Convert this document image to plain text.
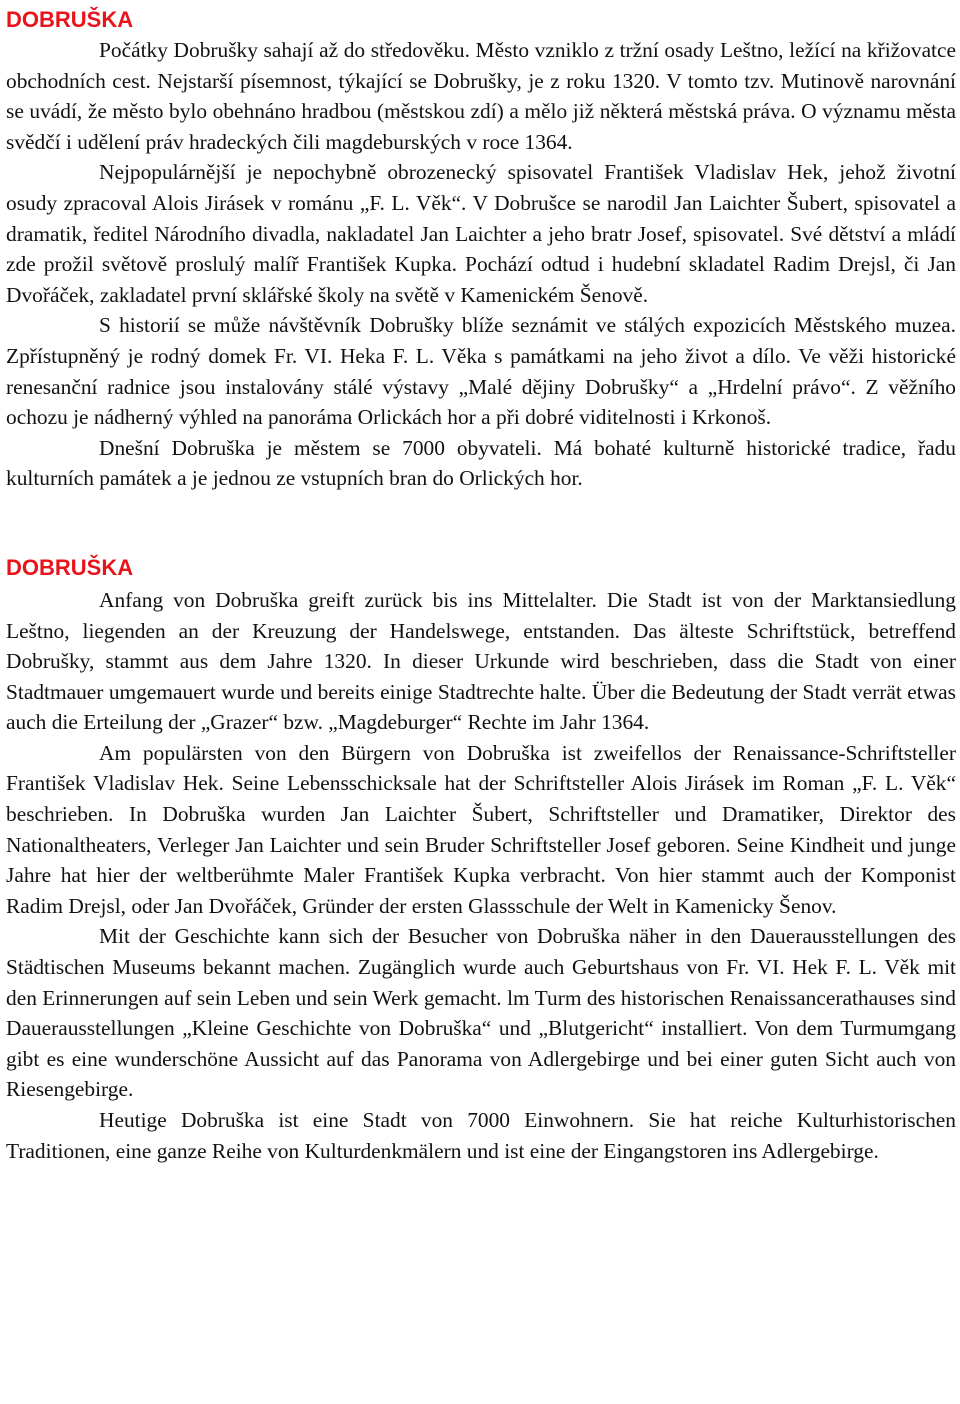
DOBRUŠKA

Počátky Dobrušky sahají až do středověku. Město vzniklo z tržní osady Leštno, ležící na křižovatce obchodních cest. Nejstarší písemnost, týkající se Dobrušky, je z roku 1320. V tomto tzv. Mutinově narovnání se uvádí, že město bylo obehnáno hradbou (městskou zdí) a mělo již některá městská práva. O významu města svědčí i udělení práv hradeckých čili magdeburských v roce 1364.

Nejpopulárnější je nepochybně obrozenecký spisovatel František Vladislav Hek, jehož životní osudy zpracoval Alois Jirásek v románu „F. L. Věk“. V Dobrušce se narodil Jan Laichter Šubert, spisovatel a dramatik, ředitel Národního divadla, nakladatel Jan Laichter a jeho bratr Josef, spisovatel. Své dětství a mládí zde prožil světově proslulý malíř František Kupka. Pochází odtud i hudební skladatel Radim Drejsl, či Jan Dvořáček, zakladatel první sklářské školy na světě v Kamenickém Šenově.

S historií se může návštěvník Dobrušky blíže seznámit ve stálých expozicích Městského muzea. Zpřístupněný je rodný domek Fr. VI. Heka F. L. Věka s památkami na jeho život a dílo. Ve věži historické renesanční radnice jsou instalovány stálé výstavy „Malé dějiny Dobrušky“ a „Hrdelní právo“. Z věžního ochozu je nádherný výhled na panoráma Orlickách hor a při dobré viditelnosti i Krkonoš.

Dnešní Dobruška je městem se 7000 obyvateli. Má bohaté kulturně historické tradice, řadu kulturních památek a je jednou ze vstupních bran do Orlických hor.

DOBRUŠKA

Anfang von Dobruška greift zurück bis ins Mittelalter. Die Stadt ist von der Marktansiedlung Leštno, liegenden an der Kreuzung der Handelswege, entstanden. Das älteste Schriftstück, betreffend Dobrušky, stammt aus dem Jahre 1320. In dieser Urkunde wird beschrieben, dass die Stadt von einer Stadtmauer umgemauert wurde und bereits einige Stadtrechte halte. Über die Bedeutung der Stadt verrät etwas auch die Erteilung der „Grazer“ bzw. „Magdeburger“ Rechte im Jahr 1364.

Am populärsten von den Bürgern von Dobruška ist zweifellos der Renaissance-Schriftsteller František Vladislav Hek. Seine Lebensschicksale hat der Schriftsteller Alois Jirásek im Roman „F. L. Věk“ beschrieben. In Dobruška wurden Jan Laichter Šubert, Schriftsteller und Dramatiker, Direktor des Nationaltheaters, Verleger Jan Laichter und sein Bruder Schriftsteller Josef geboren. Seine Kindheit und junge Jahre hat hier der weltberühmte Maler František Kupka verbracht. Von hier stammt auch der Komponist Radim Drejsl, oder Jan Dvořáček, Gründer der ersten Glassschule der Welt in Kamenicky Šenov.

Mit der Geschichte kann sich der Besucher von Dobruška näher in den Dauerausstellungen des Städtischen Museums bekannt machen. Zugänglich wurde auch Geburtshaus von Fr. VI. Hek F. L. Věk mit den Erinnerungen auf sein Leben und sein Werk gemacht. lm Turm des historischen Renaissancerathauses sind Dauerausstellungen „Kleine Geschichte von Dobruška“ und „Blutgericht“ installiert. Von dem Turmumgang gibt es eine wunderschöne Aussicht auf das Panorama von Adlergebirge und bei einer guten Sicht auch von Riesengebirge.

Heutige Dobruška ist eine Stadt von 7000 Einwohnern. Sie hat reiche Kulturhistorischen Traditionen, eine ganze Reihe von Kulturdenkmälern und ist eine der Eingangstoren ins Adlergebirge.
